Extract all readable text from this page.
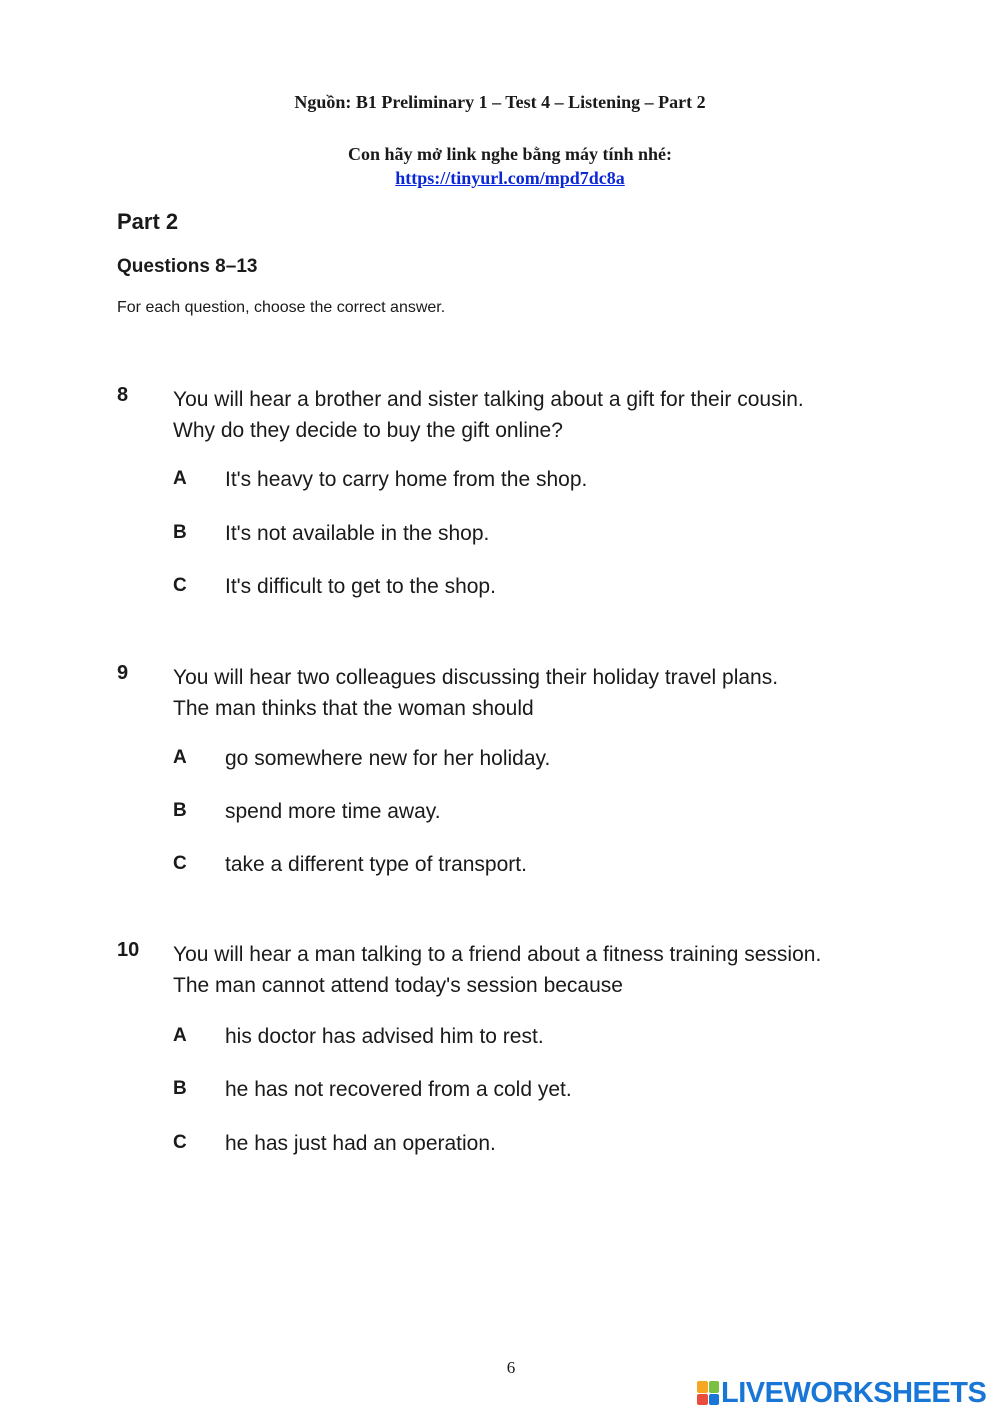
Nguồn: B1 Preliminary 1 – Test 4 – Listening – Part 2
Con hãy mở link nghe bằng máy tính nhé:
https://tinyurl.com/mpd7dc8a
Part 2
Questions 8–13
For each question, choose the correct answer.
8 You will hear a brother and sister talking about a gift for their cousin.
Why do they decide to buy the gift online?
A It's heavy to carry home from the shop.
B It's not available in the shop.
C It's difficult to get to the shop.
9 You will hear two colleagues discussing their holiday travel plans.
The man thinks that the woman should
A go somewhere new for her holiday.
B spend more time away.
C take a different type of transport.
10 You will hear a man talking to a friend about a fitness training session.
The man cannot attend today's session because
A his doctor has advised him to rest.
B he has not recovered from a cold yet.
C he has just had an operation.
6
LIVEWORKSHEETS
